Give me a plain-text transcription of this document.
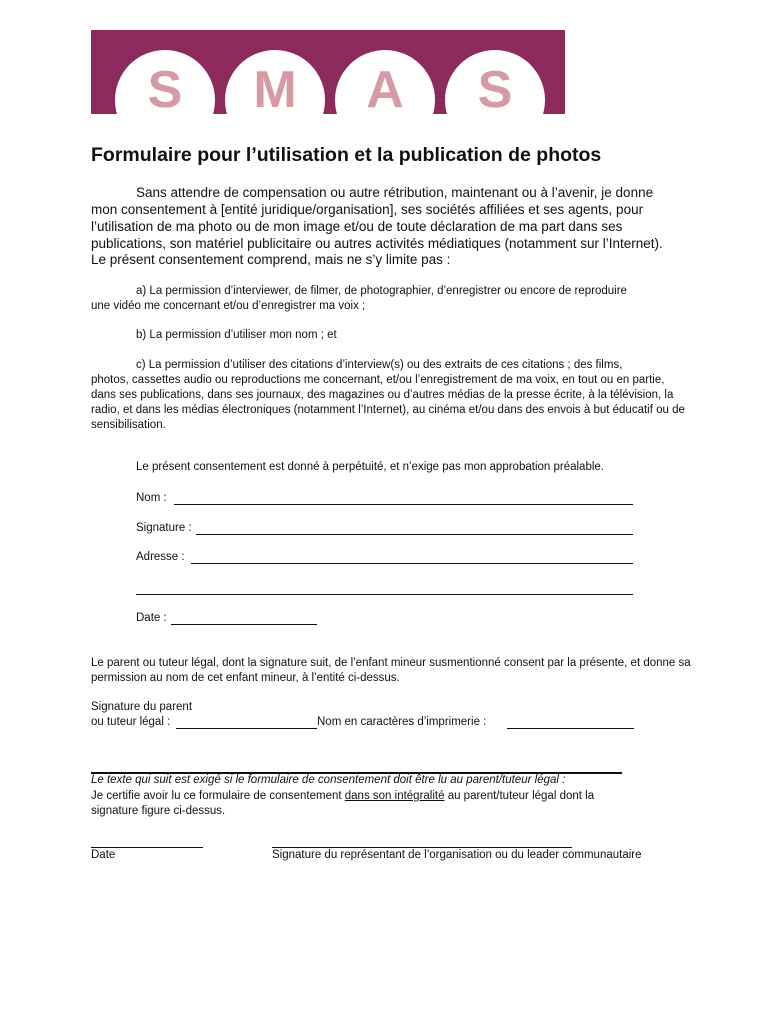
S	M	A	S
Formulaire pour l’utilisation et la publication de photos
Sans attendre de compensation ou autre rétribution, maintenant ou à l’avenir, je donne
mon consentement à [entité juridique/organisation], ses sociétés affiliées et ses agents, pour l’utilisation de ma photo ou de mon image et/ou de toute déclaration de ma part dans ses publications, son matériel publicitaire ou autres activités médiatiques (notamment sur l’Internet).
Le présent consentement comprend, mais ne s’y limite pas :
a) La permission d’interviewer, de filmer, de photographier, d’enregistrer ou encore de reproduire
une vidéo me concernant et/ou d’enregistrer ma voix ;
b) La permission d’utiliser mon nom ; et
c) La permission d’utiliser des citations d’interview(s) ou des extraits de ces citations ; des films,
photos, cassettes audio ou reproductions me concernant, et/ou l’enregistrement de ma voix, en tout ou en partie, dans ses publications, dans ses journaux, des magazines ou d’autres médias de la presse écrite, à la télévision, la radio, et dans les médias électroniques (notamment l’Internet), au cinéma et/ou dans des envois à but éducatif ou de sensibilisation.
Le présent consentement est donné à perpétuité, et n’exige pas mon approbation préalable.
Nom :
Signature :
Adresse :
Date :
Le parent ou tuteur légal, dont la signature suit, de l’enfant mineur susmentionné consent par la présente, et donne sa permission au nom de cet enfant mineur, à l’entité ci-dessus.
Signature du parent
ou tuteur légal :	Nom en caractères d’imprimerie :
Le texte qui suit est exigé si le formulaire de consentement doit être lu au parent/tuteur légal :
Je certifie avoir lu ce formulaire de consentement dans son intégralité au parent/tuteur légal dont la
signature figure ci-dessus.
Date	Signature du représentant de l’organisation ou du leader communautaire
